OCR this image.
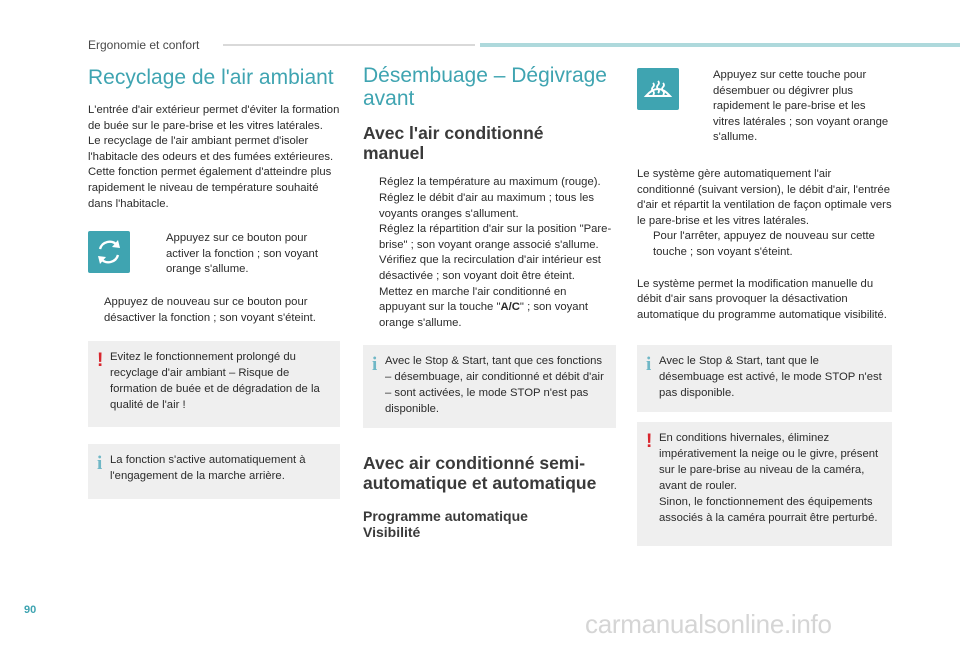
Ergonomie et confort
Recyclage de l'air ambiant

L'entrée d'air extérieur permet d'éviter la formation de buée sur le pare-brise et les vitres latérales.

Le recyclage de l'air ambiant permet d'isoler l'habitacle des odeurs et des fumées extérieures.

Cette fonction permet également d'atteindre plus rapidement le niveau de température souhaité dans l'habitacle.

Appuyez sur ce bouton pour activer la fonction ; son voyant orange s'allume.
Appuyez de nouveau sur ce bouton pour désactiver la fonction ; son voyant s'éteint.
! Evitez le fonctionnement prolongé du recyclage d'air ambiant – Risque de formation de buée et de dégradation de la qualité de l'air !

i La fonction s'active automatiquement à l'engagement de la marche arrière.

Désembuage – Dégivrage avant
Avec l'air conditionné manuel
Réglez la température au maximum (rouge).
Réglez le débit d'air au maximum ; tous les voyants oranges s'allument.
Réglez la répartition d'air sur la position "Pare-brise" ; son voyant orange associé s'allume.
Vérifiez que la recirculation d'air intérieur est désactivée ; son voyant doit être éteint.
Mettez en marche l'air conditionné en appuyant sur la touche "A/C" ; son voyant orange s'allume.
i Avec le Stop & Start, tant que ces fonctions – désembuage, air conditionné et débit d'air – sont activées, le mode STOP n'est pas disponible.

Avec air conditionné semi-automatique et automatique
Programme automatique Visibilité
Appuyez sur cette touche pour désembuer ou dégivrer plus rapidement le pare-brise et les vitres latérales ; son voyant orange s'allume.

Le système gère automatiquement l'air conditionné (suivant version), le débit d'air, l'entrée d'air et répartit la ventilation de façon optimale vers le pare-brise et les vitres latérales.

Pour l'arrêter, appuyez de nouveau sur cette touche ; son voyant s'éteint.

Le système permet la modification manuelle du débit d'air sans provoquer la désactivation automatique du programme automatique visibilité.

i Avec le Stop & Start, tant que le désembuage est activé, le mode STOP n'est pas disponible.

! En conditions hivernales, éliminez impérativement la neige ou le givre, présent sur le pare-brise au niveau de la caméra, avant de rouler.

Sinon, le fonctionnement des équipements associés à la caméra pourrait être perturbé.

90	carmanualsonline.info
